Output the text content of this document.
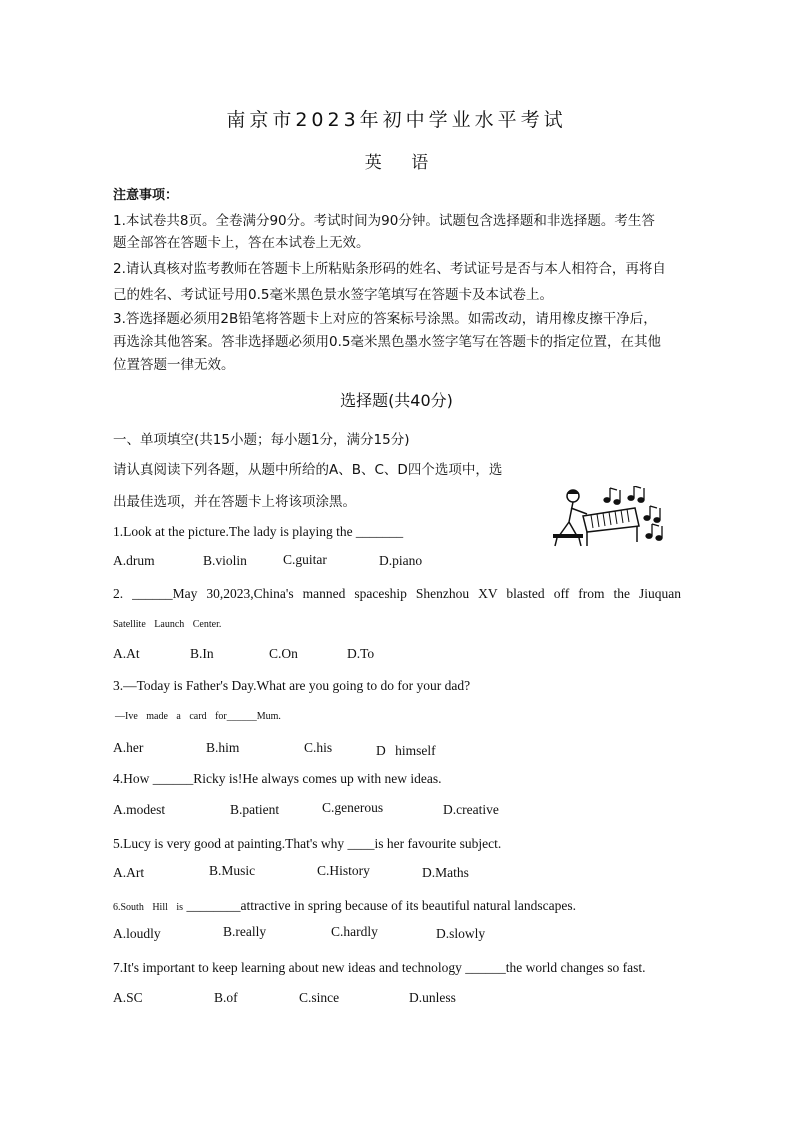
南京市2023年初中学业水平考试
英 语
注意事项：
1.本试卷共8页。全卷满分90分。考试时间为90分钟。试题包含选择题和非选择题。考生答
题全部答在答题卡上，答在本试卷上无效。
2.请认真核对监考教师在答题卡上所粘贴条形码的姓名、考试证号是否与本人相符合，再将自
己的姓名、考试证号用0.5毫米黑色景水签字笔填写在答题卡及本试卷上。
3.答选择题必须用2B铅笔将答题卡上对应的答案标号涂黑。如需改动，请用橡皮擦干净后，
再选涂其他答案。答非选择题必须用0.5毫米黑色墨水签字笔写在答题卡的指定位置，在其他
位置答题一律无效。
选择题(共40分)
一、单项填空(共15小题；每小题1分，满分15分)
请认真阅读下列各题，从题中所给的A、B、C、D四个选项中，选
出最佳选项，并在答题卡上将该项涂黑。
1.Look at the picture.The lady is playing the _______
A.drum	B.violin	C.guitar	D.piano
2. ______May 30,2023,China's manned spaceship Shenzhou XV blasted off from the Jiuquan
Satellite Launch Center.
A.At	B.In	C.On	D.To
3.—Today is Father's Day.What are you going to do for your dad?
—Ive made a card for______Mum.
A.her	B.him	C.his	D himself
4.How ______Ricky is!He always comes up with new ideas.
A.modest	B.patient	C.generous	D.creative
5.Lucy is very good at painting.That's why ____is her favourite subject.
A.Art	B.Music	C.History	D.Maths
6.South Hill is ________attractive in spring because of its beautiful natural landscapes.
A.loudly	B.really	C.hardly	D.slowly
7.It's important to keep learning about new ideas and technology ______the world changes so fast.
A.SC	B.of	C.since	D.unless
